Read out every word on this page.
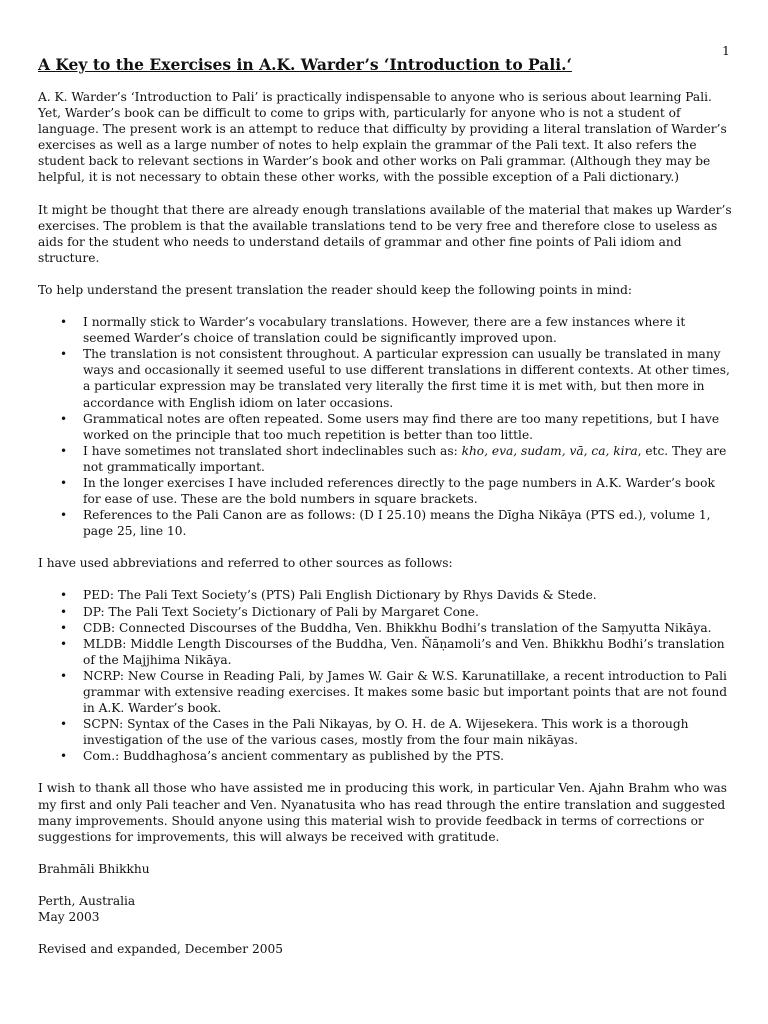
1
A Key to the Exercises in A.K. Warder’s ‘Introduction to Pali.‘

A. K. Warder’s ‘Introduction to Pali’ is practically indispensable to anyone who is serious about learning Pali. Yet, Warder’s book can be difficult to come to grips with, particularly for anyone who is not a student of language. The present work is an attempt to reduce that difficulty by providing a literal translation of Warder’s exercises as well as a large number of notes to help explain the grammar of the Pali text. It also refers the student back to relevant sections in Warder’s book and other works on Pali grammar. (Although they may be helpful, it is not necessary to obtain these other works, with the possible exception of a Pali dictionary.)

It might be thought that there are already enough translations available of the material that makes up Warder’s exercises. The problem is that the available translations tend to be very free and therefore close to useless as aids for the student who needs to understand details of grammar and other fine points of Pali idiom and structure.

To help understand the present translation the reader should keep the following points in mind:

• I normally stick to Warder’s vocabulary translations. However, there are a few instances where it seemed Warder’s choice of translation could be significantly improved upon.
• The translation is not consistent throughout. A particular expression can usually be translated in many ways and occasionally it seemed useful to use different translations in different contexts. At other times, a particular expression may be translated very literally the first time it is met with, but then more in accordance with English idiom on later occasions.
• Grammatical notes are often repeated. Some users may find there are too many repetitions, but I have worked on the principle that too much repetition is better than too little.
• I have sometimes not translated short indeclinables such as: kho, eva, sudam, vā, ca, kira, etc. They are not grammatically important.
• In the longer exercises I have included references directly to the page numbers in A.K. Warder’s book for ease of use. These are the bold numbers in square brackets.
• References to the Pali Canon are as follows: (D I 25.10) means the Dīgha Nikāya (PTS ed.), volume 1, page 25, line 10.

I have used abbreviations and referred to other sources as follows:

• PED: The Pali Text Society’s (PTS) Pali English Dictionary by Rhys Davids & Stede.
• DP: The Pali Text Society’s Dictionary of Pali by Margaret Cone.
• CDB: Connected Discourses of the Buddha, Ven. Bhikkhu Bodhi’s translation of the Saṃyutta Nikāya.
• MLDB: Middle Length Discourses of the Buddha, Ven. Ñāṇamoli’s and Ven. Bhikkhu Bodhi’s translation of the Majjhima Nikāya.
• NCRP: New Course in Reading Pali, by James W. Gair & W.S. Karunatillake, a recent introduction to Pali grammar with extensive reading exercises. It makes some basic but important points that are not found in A.K. Warder’s book.
• SCPN: Syntax of the Cases in the Pali Nikayas, by O. H. de A. Wijesekera. This work is a thorough investigation of the use of the various cases, mostly from the four main nikāyas.
• Com.: Buddhaghosa’s ancient commentary as published by the PTS.

I wish to thank all those who have assisted me in producing this work, in particular Ven. Ajahn Brahm who was my first and only Pali teacher and Ven. Nyanatusita who has read through the entire translation and suggested many improvements. Should anyone using this material wish to provide feedback in terms of corrections or suggestions for improvements, this will always be received with gratitude.

Brahmāli Bhikkhu

Perth, Australia

May 2003

Revised and expanded, December 2005
